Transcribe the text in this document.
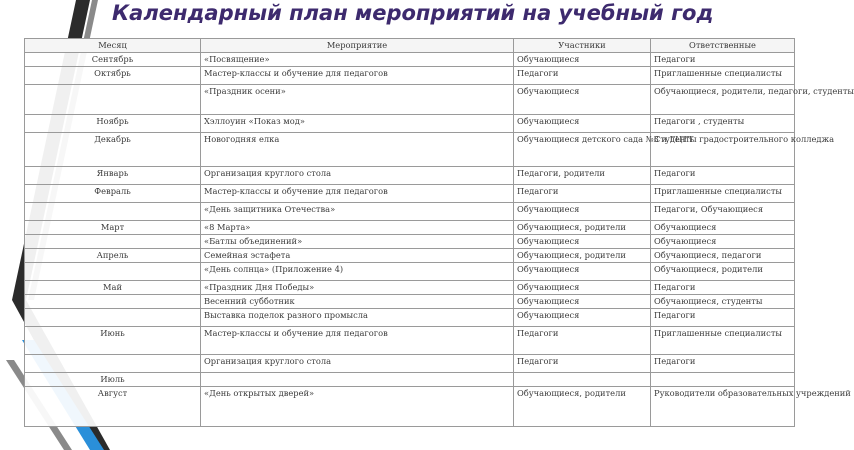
Календарный план мероприятий на учебный год
Месяц	Мероприятие	Участники	Ответственные
Сентябрь	«Посвящение»	Обучающиеся	Педагоги
Октябрь	Мастер-классы и обучение для педагогов	Педагоги	Приглашенные специалисты
	«Праздник осени»	Обучающиеся	Обучающиеся, родители, педагоги, студенты
Ноябрь	Хэллоуин «Показ мод»	Обучающиеся	Педагоги , студенты
Декабрь	Новогодняя елка	Обучающиеся детского сада №3 и ГЦТТ	Студенты градостроительного колледжа
Январь	Организация круглого стола	Педагоги, родители	Педагоги
Февраль	Мастер-классы и обучение для педагогов	Педагоги	Приглашенные специалисты
	«День защитника Отечества»	Обучающиеся	Педагоги, Обучающиеся
Март	«8 Марта»	Обучающиеся, родители	Обучающиеся
	«Батлы объединений»	Обучающиеся	Обучающиеся
Апрель	Семейная эстафета	Обучающиеся, родители	Обучающиеся, педагоги
	«День солнца» (Приложение 4)	Обучающиеся	Обучающиеся, родители
Май	«Праздник Дня Победы»	Обучающиеся	Педагоги
	Весенний субботник	Обучающиеся	Обучающиеся, студенты
	Выставка поделок разного промысла	Обучающиеся	Педагоги
Июнь	Мастер-классы и обучение для педагогов	Педагоги	Приглашенные специалисты
	Организация круглого стола	Педагоги	Педагоги
Июль			
Август	«День открытых дверей»	Обучающиеся, родители	Руководители образовательных учреждений
